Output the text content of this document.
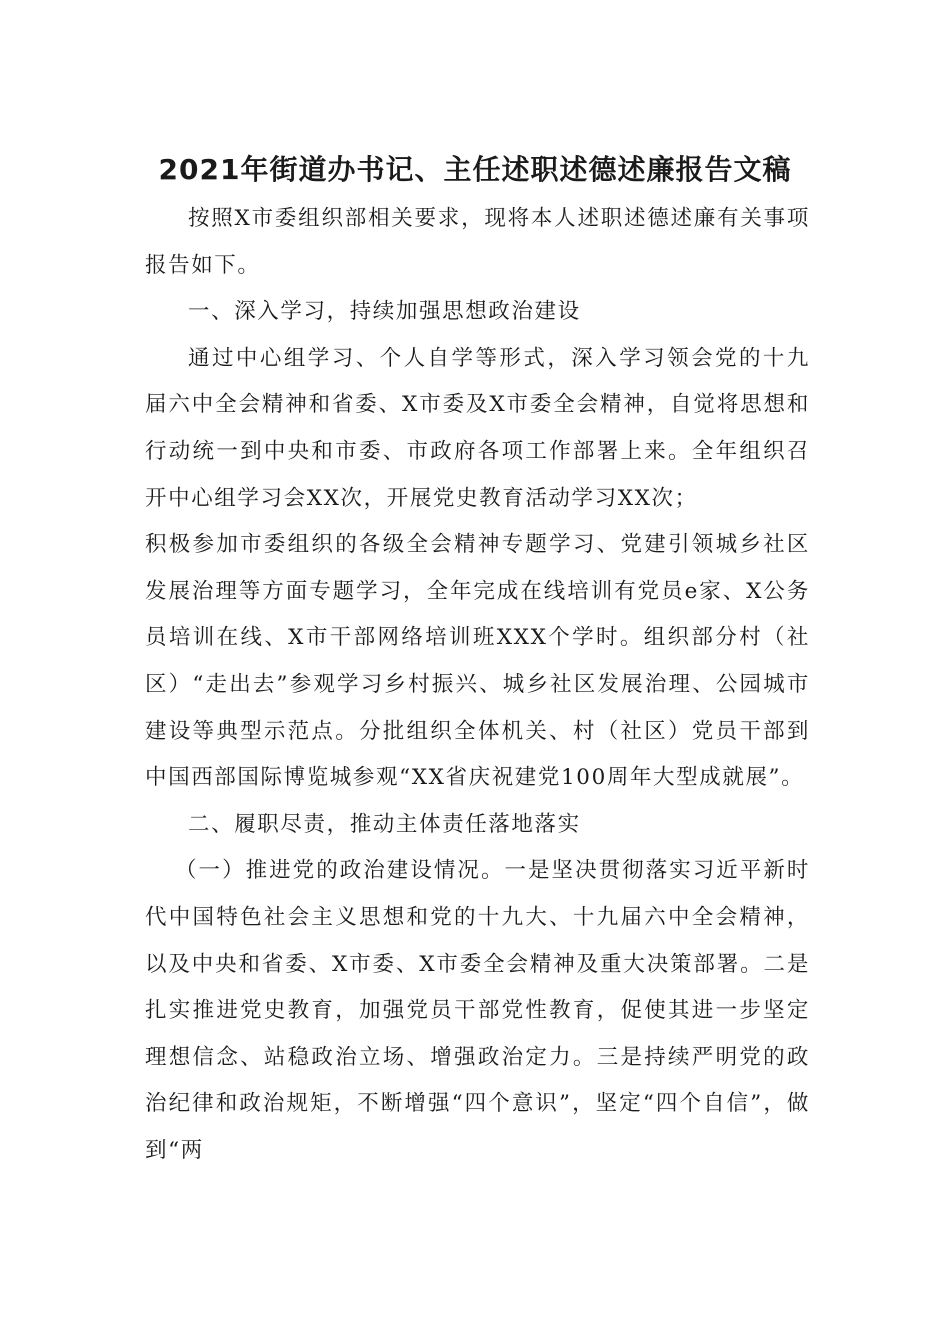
2021年街道办书记、主任述职述德述廉报告文稿

按照X市委组织部相关要求，现将本人述职述德述廉有关事项报告如下。

一、深入学习，持续加强思想政治建设

通过中心组学习、个人自学等形式，深入学习领会党的十九届六中全会精神和省委、X市委及X市委全会精神，自觉将思想和行动统一到中央和市委、市政府各项工作部署上来。全年组织召开中心组学习会XX次，开展党史教育活动学习XX次；

积极参加市委组织的各级全会精神专题学习、党建引领城乡社区发展治理等方面专题学习，全年完成在线培训有党员e家、X公务员培训在线、X市干部网络培训班XXX个学时。组织部分村（社区）“走出去”参观学习乡村振兴、城乡社区发展治理、公园城市建设等典型示范点。分批组织全体机关、村（社区）党员干部到中国西部国际博览城参观“XX省庆祝建党100周年大型成就展”。

二、履职尽责，推动主体责任落地落实

（一）推进党的政治建设情况。一是坚决贯彻落实习近平新时代中国特色社会主义思想和党的十九大、十九届六中全会精神，以及中央和省委、X市委、X市委全会精神及重大决策部署。二是扎实推进党史教育，加强党员干部党性教育，促使其进一步坚定理想信念、站稳政治立场、增强政治定力。三是持续严明党的政治纪律和政治规矩，不断增强“四个意识”，坚定“四个自信”，做到“两
